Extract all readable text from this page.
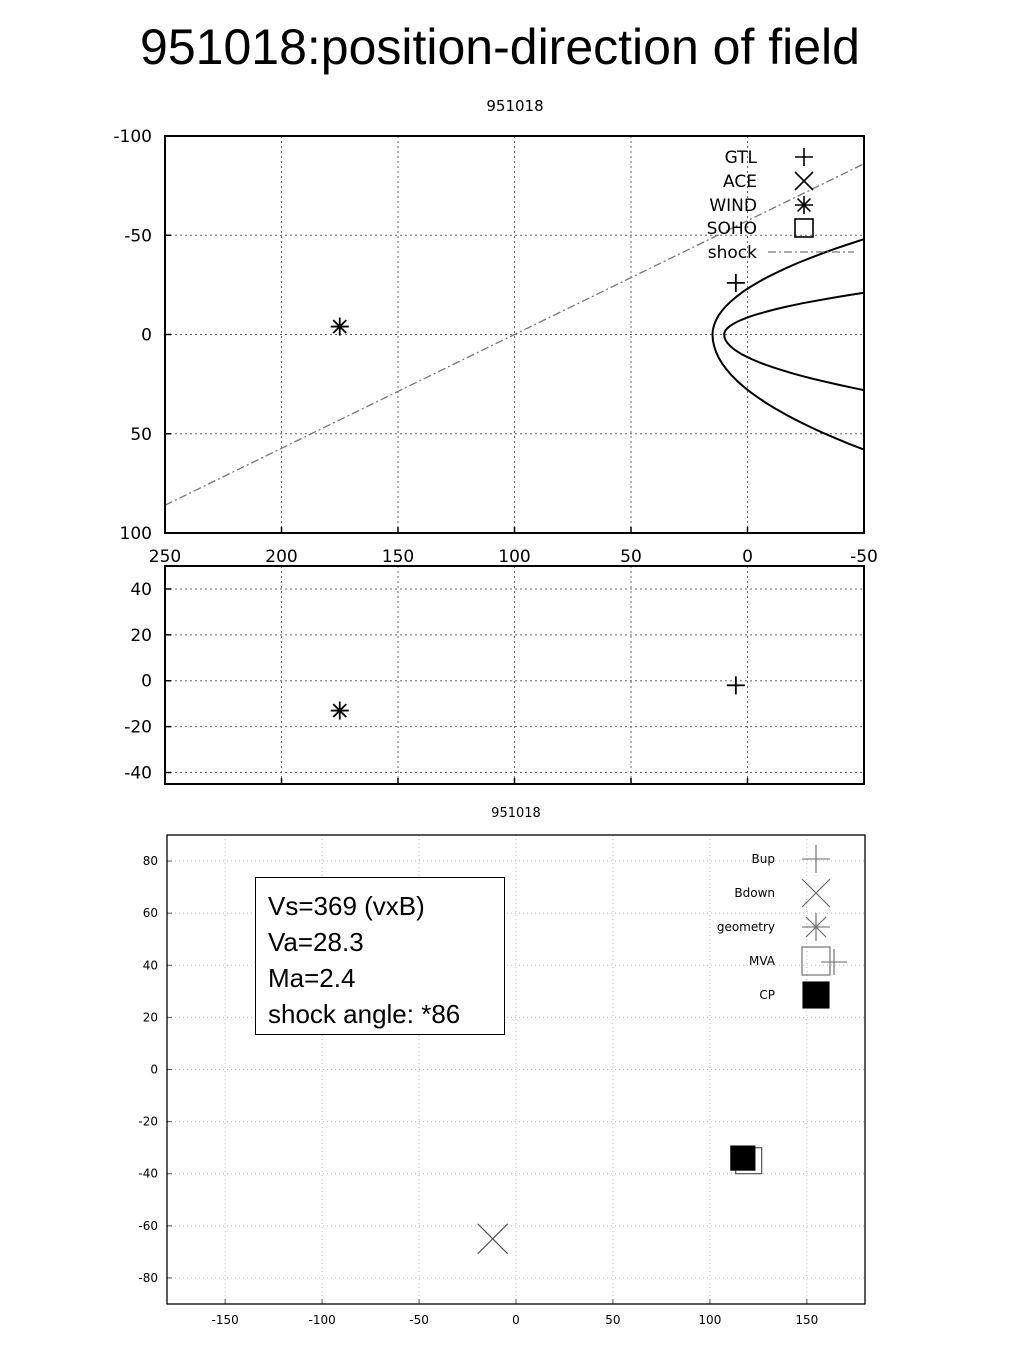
951018:position-direction of field
951018
250	200	150	100	50	0	-50
-100
-50
0
50
100
GTL
ACE
WIND
SOHO
shock
40
20
0
-20
-40
951018
-150	-100	-50	0	50	100	150
80
60
40
20
0
-20
-40
-60
-80
Bup
Bdown
geometry
MVA
CP
Vs=369 (vxB)
Va=28.3
Ma=2.4
shock angle: *86
